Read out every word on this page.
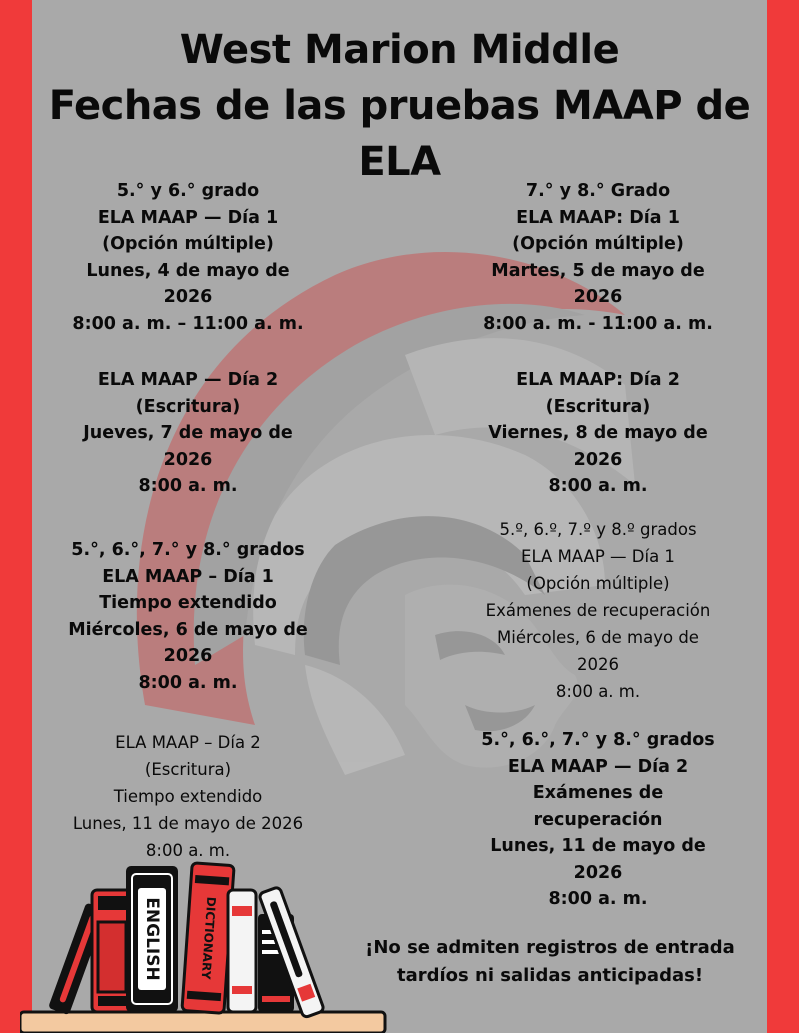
West Marion Middle
Fechas de las pruebas MAAP de
ELA
5.° y 6.° grado
ELA MAAP — Día 1
(Opción múltiple)
Lunes, 4 de mayo de
2026
8:00 a. m. – 11:00 a. m.
ELA MAAP — Día 2
(Escritura)
Jueves, 7 de mayo de
2026
8:00 a. m.
5.°, 6.°, 7.° y 8.° grados
ELA MAAP – Día 1
Tiempo extendido
Miércoles, 6 de mayo de
2026
8:00 a. m.
ELA MAAP – Día 2
(Escritura)
Tiempo extendido
Lunes, 11 de mayo de 2026
8:00 a. m.
7.° y 8.° Grado
ELA MAAP: Día 1
(Opción múltiple)
Martes, 5 de mayo de
2026
8:00 a. m. - 11:00 a. m.
ELA MAAP: Día 2
(Escritura)
Viernes, 8 de mayo de
2026
8:00 a. m.
5.º, 6.º, 7.º y 8.º grados
ELA MAAP — Día 1
(Opción múltiple)
Exámenes de recuperación
Miércoles, 6 de mayo de
2026
8:00 a. m.
5.°, 6.°, 7.° y 8.° grados
ELA MAAP — Día 2
Exámenes de
recuperación
Lunes, 11 de mayo de
2026
8:00 a. m.
¡No se admiten registros de entrada
tardíos ni salidas anticipadas!
ENGLISH	DICTIONARY
